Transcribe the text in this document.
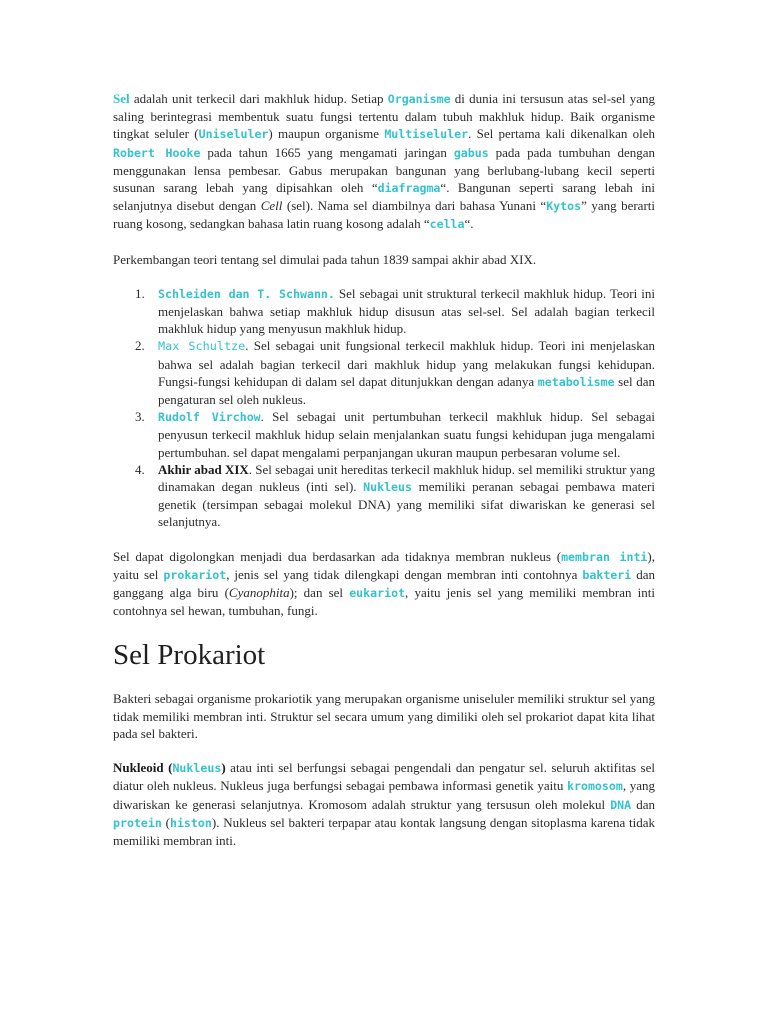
Sel adalah unit terkecil dari makhluk hidup. Setiap Organisme di dunia ini tersusun atas sel-sel yang saling berintegrasi membentuk suatu fungsi tertentu dalam tubuh makhluk hidup. Baik organisme tingkat seluler (Uniseluler) maupun organisme Multiseluler. Sel pertama kali dikenalkan oleh Robert Hooke pada tahun 1665 yang mengamati jaringan gabus pada pada tumbuhan dengan menggunakan lensa pembesar. Gabus merupakan bangunan yang berlubang-lubang kecil seperti susunan sarang lebah yang dipisahkan oleh “diafragma“. Bangunan seperti sarang lebah ini selanjutnya disebut dengan Cell (sel). Nama sel diambilnya dari bahasa Yunani “Kytos” yang berarti ruang kosong, sedangkan bahasa latin ruang kosong adalah “cella“.

Perkembangan teori tentang sel dimulai pada tahun 1839 sampai akhir abad XIX.

1. Schleiden dan T. Schwann. Sel sebagai unit struktural terkecil makhluk hidup. Teori ini menjelaskan bahwa setiap makhluk hidup disusun atas sel-sel. Sel adalah bagian terkecil makhluk hidup yang menyusun makhluk hidup.
2. Max Schultze. Sel sebagai unit fungsional terkecil makhluk hidup. Teori ini menjelaskan bahwa sel adalah bagian terkecil dari makhluk hidup yang melakukan fungsi kehidupan. Fungsi-fungsi kehidupan di dalam sel dapat ditunjukkan dengan adanya metabolisme sel dan pengaturan sel oleh nukleus.
3. Rudolf Virchow. Sel sebagai unit pertumbuhan terkecil makhluk hidup. Sel sebagai penyusun terkecil makhluk hidup selain menjalankan suatu fungsi kehidupan juga mengalami pertumbuhan. sel dapat mengalami perpanjangan ukuran maupun perbesaran volume sel.
4. Akhir abad XIX. Sel sebagai unit hereditas terkecil makhluk hidup. sel memiliki struktur yang dinamakan degan nukleus (inti sel). Nukleus memiliki peranan sebagai pembawa materi genetik (tersimpan sebagai molekul DNA) yang memiliki sifat diwariskan ke generasi sel selanjutnya.

Sel dapat digolongkan menjadi dua berdasarkan ada tidaknya membran nukleus (membran inti), yaitu sel prokariot, jenis sel yang tidak dilengkapi dengan membran inti contohnya bakteri dan ganggang alga biru (Cyanophita); dan sel eukariot, yaitu jenis sel yang memiliki membran inti contohnya sel hewan, tumbuhan, fungi.

Sel Prokariot

Bakteri sebagai organisme prokariotik yang merupakan organisme uniseluler memiliki struktur sel yang tidak memiliki membran inti. Struktur sel secara umum yang dimiliki oleh sel prokariot dapat kita lihat pada sel bakteri.

Nukleoid (Nukleus) atau inti sel berfungsi sebagai pengendali dan pengatur sel. seluruh aktifitas sel diatur oleh nukleus. Nukleus juga berfungsi sebagai pembawa informasi genetik yaitu kromosom, yang diwariskan ke generasi selanjutnya. Kromosom adalah struktur yang tersusun oleh molekul DNA dan protein (histon). Nukleus sel bakteri terpapar atau kontak langsung dengan sitoplasma karena tidak memiliki membran inti.
